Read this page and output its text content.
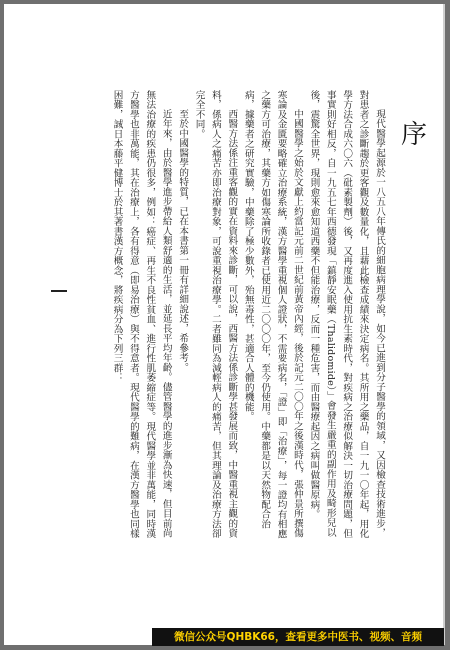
序

現代醫學起源於一八五八年傳氏的細胞病理學說，如今已進到分子醫學的領域，又因檢查技術進步，對患者之診斷趨於更客觀及數量化，且藉此檢查成績來決定病名。其所用之藥品，自一九一〇年起，用化學方法合成六〇六（砒素製劑）後，又再度進入使用抗生素時代，對疾病之治療似解決一切治療問題，但事實則好相反，自一九五七年西德發現「鎮靜安眠藥（Thalidomide）」會發生嚴重的副作用及畸形兒以後，震驚全世界，現則愈來愈知道西藥不但能治療，反而一種危害，而由醫療起因之病叫做醫原病。

中國醫學之始於文獻上約當記元前二世紀前黃帝內經，後於記元二〇〇年之後漢時代，張仲景所撰傷寒論及金匱要略確立治療系統，漢方醫學重視個人證狀，不需要病名，「證」即「治療」，每一證均有相應之藥方可治療，其藥方如傷寒論所收錄者已使用近二〇〇〇年，至今仍使用。中藥都是以天然物配合治病，據藥者之研究實驗，中藥除了極少數外，殆無毒性，甚適合人體的機能。

西醫方法係注重客觀的實在資料來診斷，可以說，西醫方法係診斷學甚發展而致，中醫重視主觀的資料，係病人之痛苦亦即治療對象，可說重視治療學。二者雖同為減輕病人的痛苦，但其理論及治療方法卻完全不同。

至於中國醫學的特質，已在本書第一冊有詳細說述，希參考。

近年來，由於醫學進步帶給人類舒適的生活，並延長平均年齡。儘管醫學的進步漸為快速，但目前尚無法治療的疾患仍很多，例如：癌症、再生不良性貧血、進行性肌萎縮症等。現代醫學並非萬能，同時漢方醫學也非萬能，其在治療上，各有得意（即易治療）與不得意者。現代醫學的難病，在漢方醫學也同樣困難，誠日本藤平健博士於其著書漢方概念，將疾病分為下列三群：

微信公众号QHBK66，查看更多中医书、视频、音频
